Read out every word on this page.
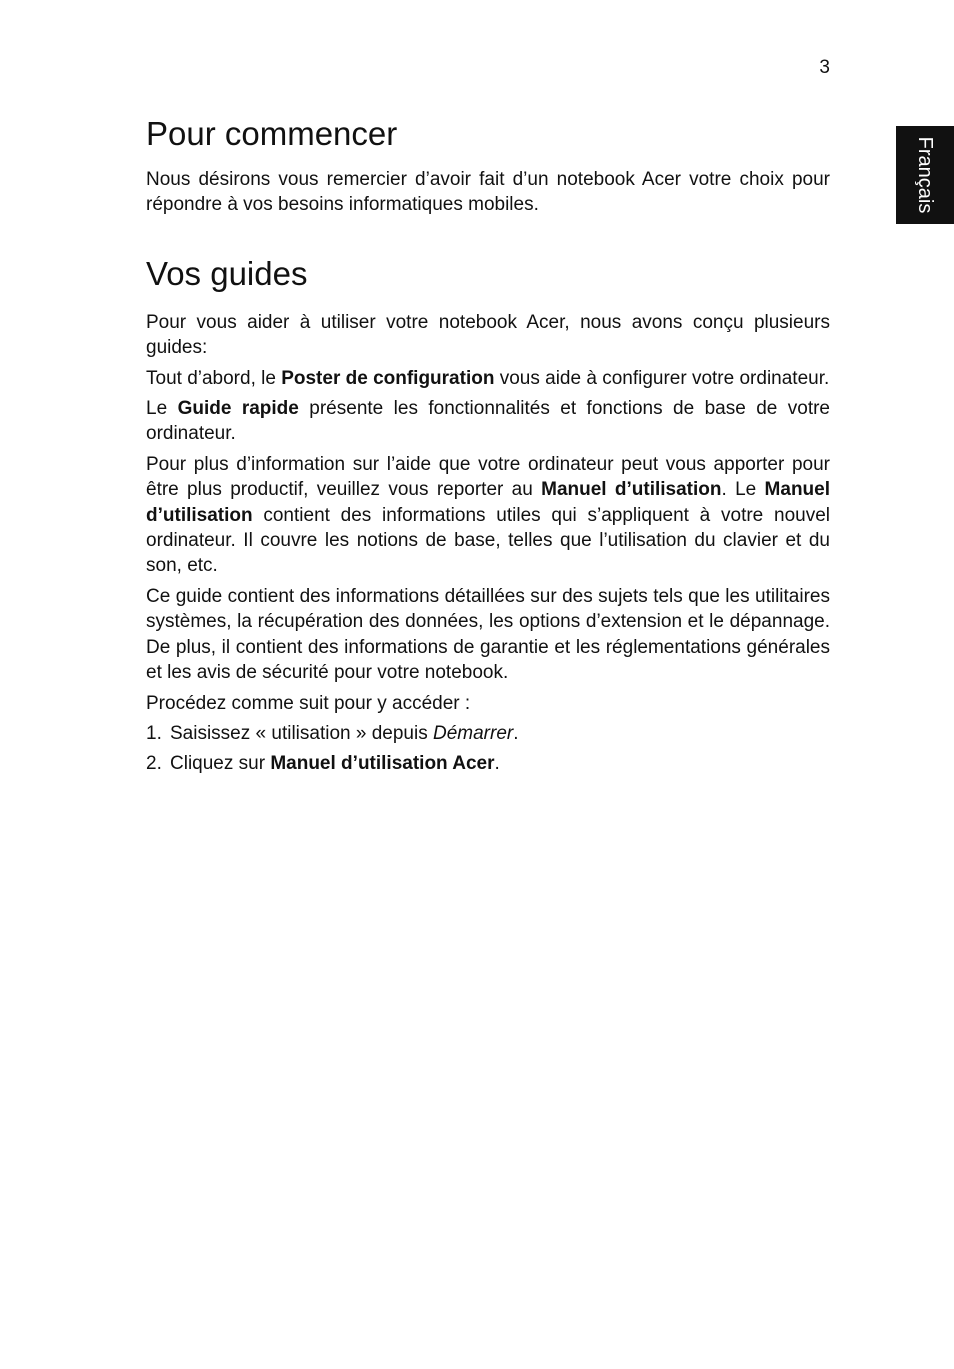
3
Français
Pour commencer

Nous désirons vous remercier d’avoir fait d’un notebook Acer votre choix pour répondre à vos besoins informatiques mobiles.

Vos guides

Pour vous aider à utiliser votre notebook Acer, nous avons conçu plusieurs guides:

Tout d’abord, le Poster de configuration vous aide à configurer votre ordinateur.

Le Guide rapide présente les fonctionnalités et fonctions de base de votre ordinateur.

Pour plus d’information sur l’aide que votre ordinateur peut vous apporter pour être plus productif, veuillez vous reporter au Manuel d’utilisation. Le Manuel d’utilisation contient des informations utiles qui s’appliquent à votre nouvel ordinateur. Il couvre les notions de base, telles que l’utilisation du clavier et du son, etc.

Ce guide contient des informations détaillées sur des sujets tels que les utilitaires systèmes, la récupération des données, les options d’extension et le dépannage. De plus, il contient des informations de garantie et les réglementations générales et les avis de sécurité pour votre notebook.

Procédez comme suit pour y accéder :

1. Saisissez « utilisation » depuis Démarrer.
2. Cliquez sur Manuel d’utilisation Acer.
